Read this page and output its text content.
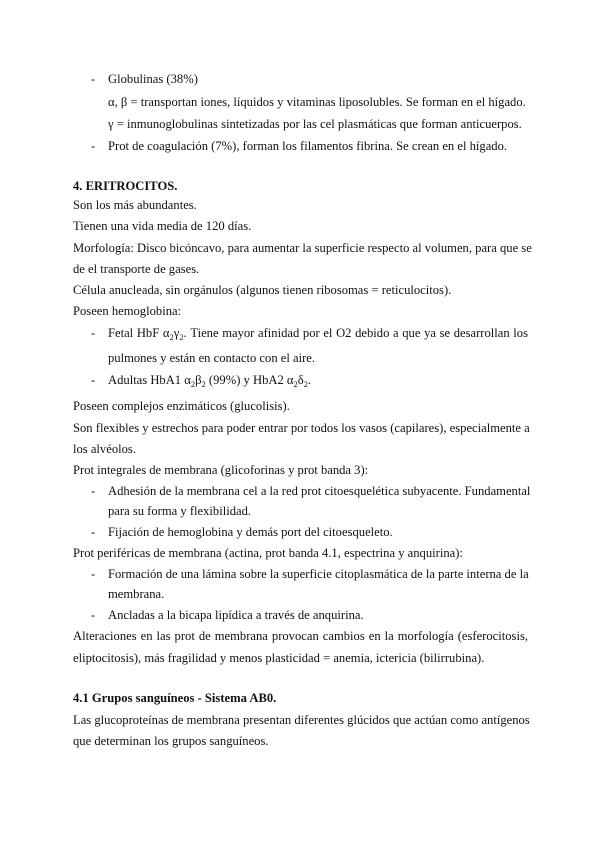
- Globulinas (38%)
α, β = transportan iones, líquidos y vitaminas liposolubles. Se forman en el hígado.
γ = inmunoglobulinas sintetizadas por las cel plasmáticas que forman anticuerpos.
- Prot de coagulación (7%), forman los filamentos fibrina. Se crean en el hígado.
4. ERITROCITOS.
Son los más abundantes.
Tienen una vida media de 120 días.
Morfología: Disco bicóncavo, para aumentar la superficie respecto al volumen, para que se
de el transporte de gases.
Célula anucleada, sin orgánulos (algunos tienen ribosomas = reticulocitos).
Poseen hemoglobina:
- Fetal HbF $\alpha_2\gamma_2$. Tiene mayor afinidad por el O2 debido a que ya se desarrollan los
pulmones y están en contacto con el aire.
- Adultas HbA1 $\alpha_2\beta_2$ (99%) y HbA2 $\alpha_2\delta_2$.
Poseen complejos enzimáticos (glucolisis).
Son flexibles y estrechos para poder entrar por todos los vasos (capilares), especialmente a
los alvéolos.
Prot integrales de membrana (glicoforinas y prot banda 3):
- Adhesión de la membrana cel a la red prot citoesquelética subyacente. Fundamental
para su forma y flexibilidad.
- Fijación de hemoglobina y demás port del citoesqueleto.
Prot periféricas de membrana (actina, prot banda 4.1, espectrina y anquirina):
- Formación de una lámina sobre la superficie citoplasmática de la parte interna de la
membrana.
- Ancladas a la bicapa lipídica a través de anquirina.
Alteraciones en las prot de membrana provocan cambios en la morfología (esferocitosis,
eliptocitosis), más fragilidad y menos plasticidad = anemia, ictericia (bilirrubina).
4.1 Grupos sanguíneos - Sistema AB0.
Las glucoproteínas de membrana presentan diferentes glúcidos que actúan como antígenos
que determinan los grupos sanguíneos.
